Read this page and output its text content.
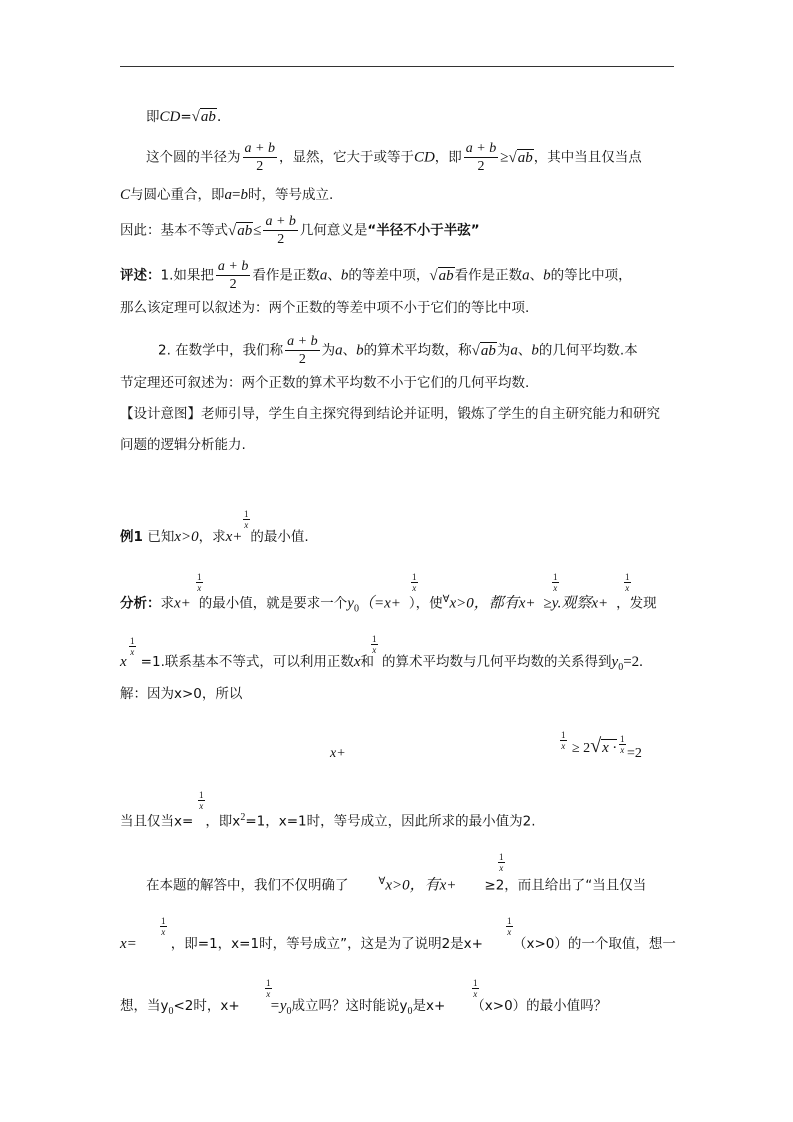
即CD=√ab.
这个圆的半径为 $\frac{a + b}{2}$ ，显然，它大于或等于CD，即 $\frac{a + b}{2} \ge√ab$，其中当且仅当点
C与圆心重合，即a=b时，等号成立.
因此：基本不等式$√ab\le \frac{a + b}{2}$ 几何意义是“半径不小于半弦”
评述：1.如果把 $\frac{a + b}{2}$ 看作是正数a、b的等差中项，√ab看作是正数a、b的等比中项，
那么该定理可以叙述为：两个正数的等差中项不小于它们的等比中项.
2. 在数学中，我们称 $\frac{a + b}{2}$ 为a、b的算术平均数，称√ab为a、b的几何平均数.本
节定理还可叙述为：两个正数的算术平均数不小于它们的几何平均数.
【设计意图】老师引导，学生自主探究得到结论并证明，锻炼了学生的自主研究能力和研究
问题的逻辑分析能力.
例1 已知x>0，求x+ 的最小值.
1
x
分析：求x+ 的最小值，就是要求一个$y_0(=x+$ ），使∀x>0，都有x+ ≥y.观察x+ ，发现
1
x
1
x
1
x
1
x
x =1.联系基本不等式，可以利用正数x和 的算术平均数与几何平均数的关系得到$y_0=2$.
1
x
1
x
解：因为x>0，所以
x+
1
x ≥ 2√x ·
1
x =2
当且仅当x= ，即$x^2=1$，x=1时，等号成立，因此所求的最小值为2.
1
x
在本题的解答中，我们不仅明确了	∀x>0，有x+ ≥2，而且给出了“当且仅当
1
x
x=	，即=1，x=1时，等号成立”，这是为了说明2是x+ （x>0）的一个取值，想一
1
x
1
x
想，当$y_0<2$时，$x+ =y_0$成立吗？这时能说$y_0$是x+ （x>0）的最小值吗？
1
x
1
x
